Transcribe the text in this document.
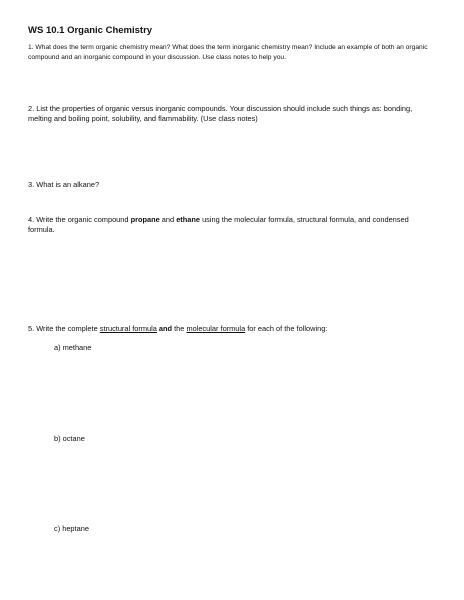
WS 10.1 Organic Chemistry
1. What does the term organic chemistry mean? What does the term inorganic chemistry mean? Include an example of both an organic compound and an inorganic compound in your discussion. Use class notes to help you.
2. List the properties of organic versus inorganic compounds. Your discussion should include such things as: bonding, melting and boiling point, solubility, and flammability. (Use class notes)
3. What is an alkane?
4. Write the organic compound propane and ethane using the molecular formula, structural formula, and condensed formula.
5. Write the complete structural formula and the molecular formula for each of the following:
a) methane
b) octane
c) heptane
